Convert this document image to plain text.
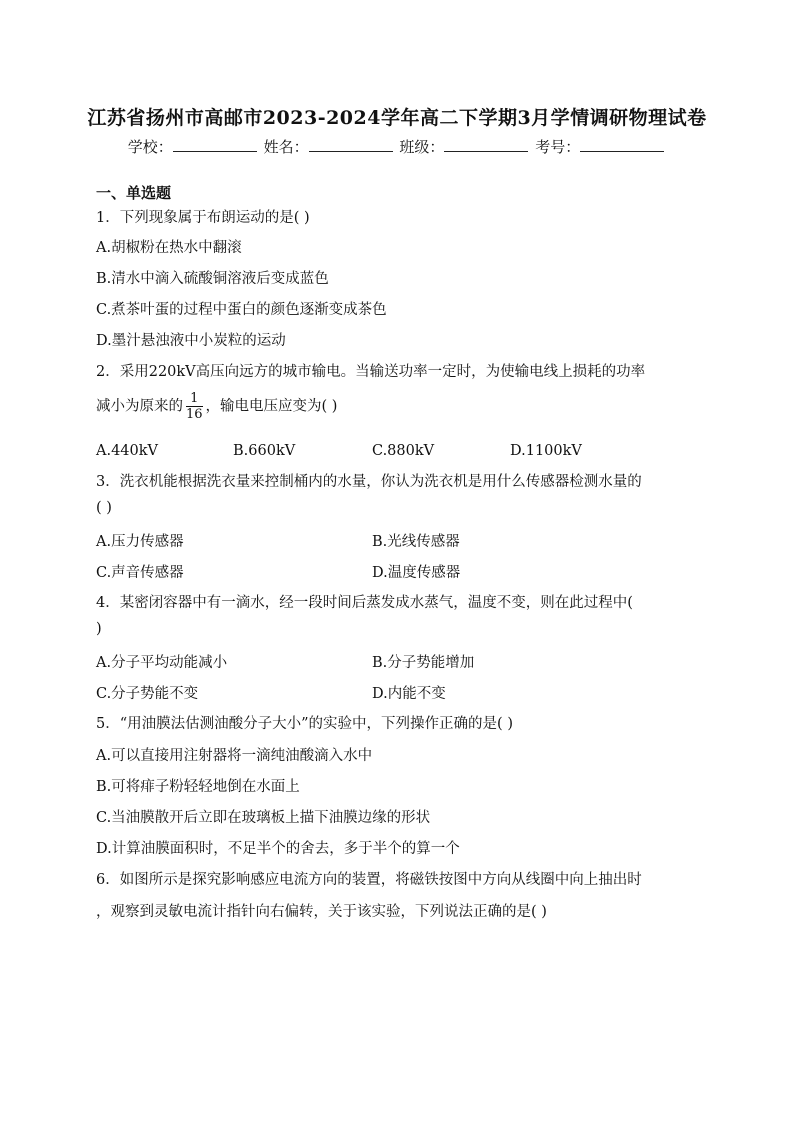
江苏省扬州市高邮市2023-2024学年高二下学期3月学情调研物理试卷
学校：	姓名：	班级：	考号：
一、单选题
1．下列现象属于布朗运动的是( )
A.胡椒粉在热水中翻滚
B.清水中滴入硫酸铜溶液后变成蓝色
C.煮茶叶蛋的过程中蛋白的颜色逐渐变成茶色
D.墨汁悬浊液中小炭粒的运动
2．采用220kV高压向远方的城市输电。当输送功率一定时，为使输电线上损耗的功率
减小为原来的 $\frac{1}{16}$ ，输电电压应变为( )
A.440kV	B.660kV	C.880kV	D.1100kV
3．洗衣机能根据洗衣量来控制桶内的水量，你认为洗衣机是用什么传感器检测水量的
( )
A.压力传感器	B.光线传感器
C.声音传感器	D.温度传感器
4．某密闭容器中有一滴水，经一段时间后蒸发成水蒸气，温度不变，则在此过程中(
)
A.分子平均动能减小	B.分子势能增加
C.分子势能不变	D.内能不变
5．“用油膜法估测油酸分子大小”的实验中，下列操作正确的是( )
A.可以直接用注射器将一滴纯油酸滴入水中
B.可将痱子粉轻轻地倒在水面上
C.当油膜散开后立即在玻璃板上描下油膜边缘的形状
D.计算油膜面积时，不足半个的舍去，多于半个的算一个
6．如图所示是探究影响感应电流方向的装置，将磁铁按图中方向从线圈中向上抽出时
，观察到灵敏电流计指针向右偏转，关于该实验，下列说法正确的是( )
